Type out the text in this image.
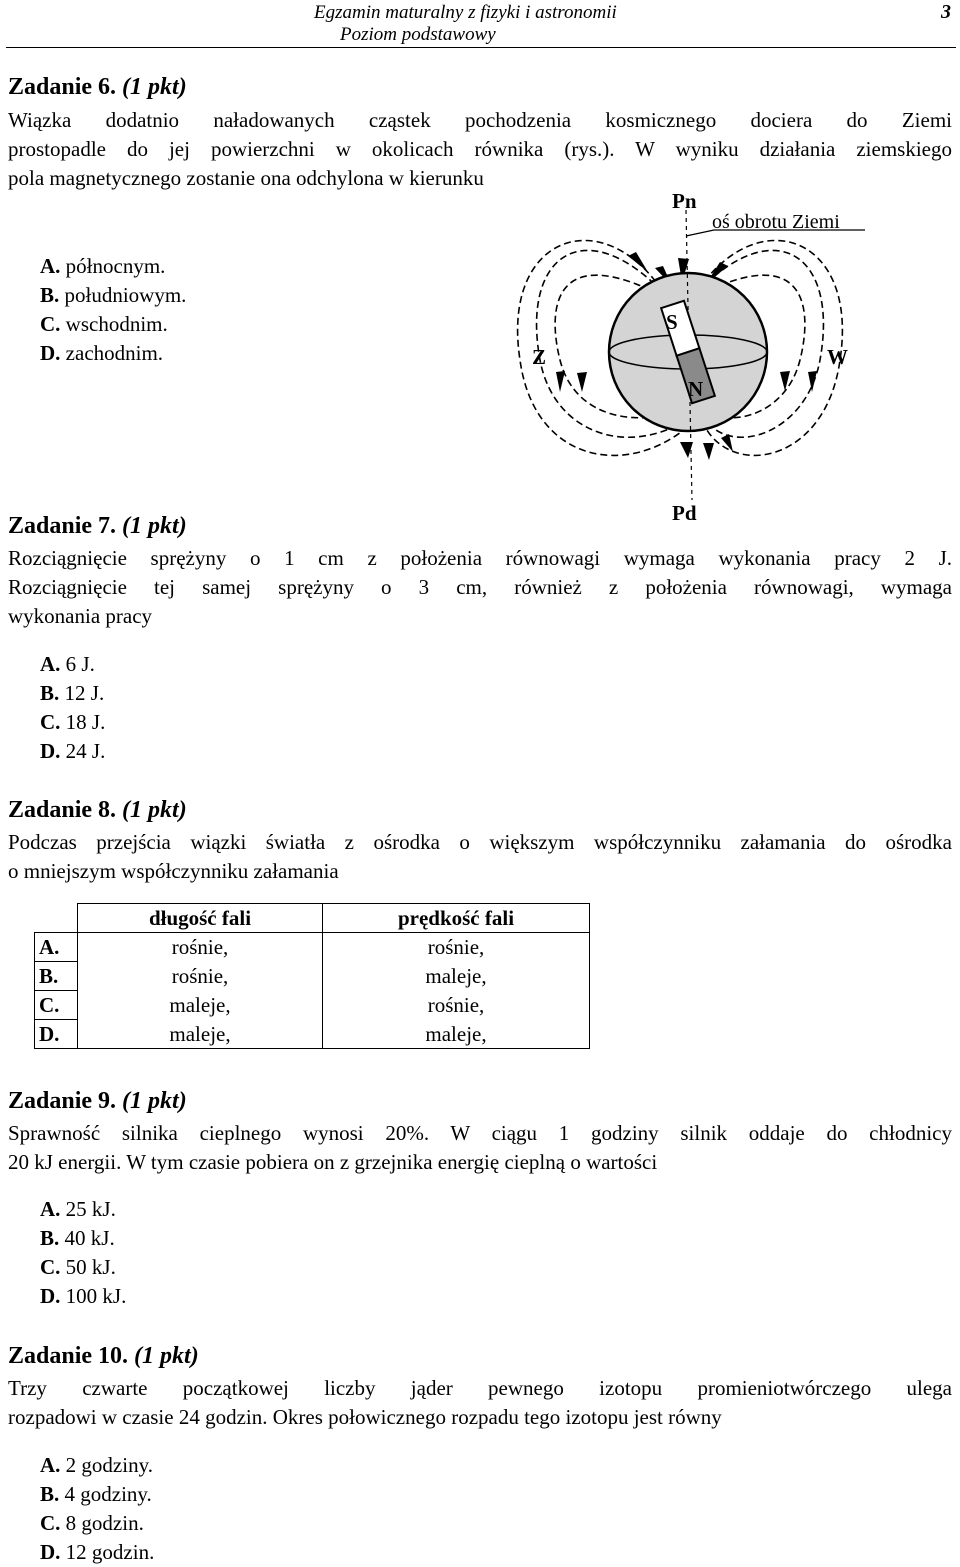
Egzamin maturalny z fizyki i astronomii
Poziom podstawowy
3
Zadanie 6. (1 pkt)
Wiązka dodatnio naładowanych cząstek pochodzenia kosmicznego dociera do Ziemi
prostopadle do jej powierzchni w okolicach równika (rys.). W wyniku działania ziemskiego
pola magnetycznego zostanie ona odchylona w kierunku
A. północnym.
B. południowym.
C. wschodnim.
D. zachodnim.
Pn
oś obrotu Ziemi
Z	W
S
N
Pd
Zadanie 7. (1 pkt)
Rozciągnięcie sprężyny o 1 cm z położenia równowagi wymaga wykonania pracy 2 J.
Rozciągnięcie tej samej sprężyny o 3 cm, również z położenia równowagi, wymaga
wykonania pracy
A. 6 J.
B. 12 J.
C. 18 J.
D. 24 J.
Zadanie 8. (1 pkt)
Podczas przejścia wiązki światła z ośrodka o większym współczynniku załamania do ośrodka
o mniejszym współczynniku załamania
	długość fali	prędkość fali
A.	rośnie,	rośnie,
B.	rośnie,	maleje,
C.	maleje,	rośnie,
D.	maleje,	maleje,
Zadanie 9. (1 pkt)
Sprawność silnika cieplnego wynosi 20%. W ciągu 1 godziny silnik oddaje do chłodnicy
20 kJ energii. W tym czasie pobiera on z grzejnika energię cieplną o wartości
A. 25 kJ.
B. 40 kJ.
C. 50 kJ.
D. 100 kJ.
Zadanie 10. (1 pkt)
Trzy czwarte początkowej liczby jąder pewnego izotopu promieniotwórczego ulega
rozpadowi w czasie 24 godzin. Okres połowicznego rozpadu tego izotopu jest równy
A. 2 godziny.
B. 4 godziny.
C. 8 godzin.
D. 12 godzin.
